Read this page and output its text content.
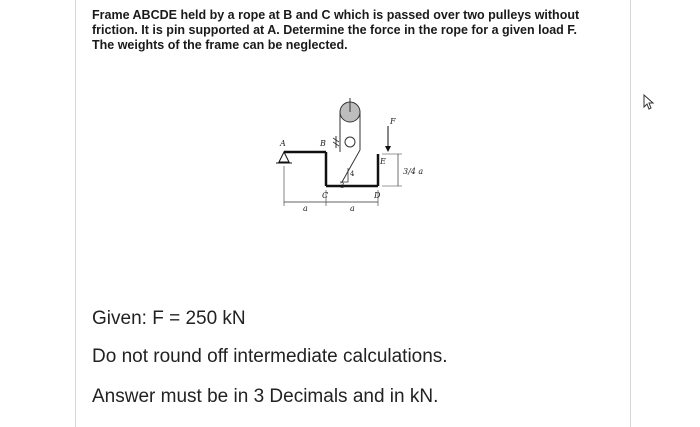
Frame ABCDE held by a rope at B and C which is passed over two pulleys without
friction. It is pin supported at A. Determine the force in the rope for a given load F.
The weights of the frame can be neglected.
A	B
C	D
E
F
4
3
a	a
3/4 a
Given: F = 250 kN
Do not round off intermediate calculations.
Answer must be in 3 Decimals and in kN.
